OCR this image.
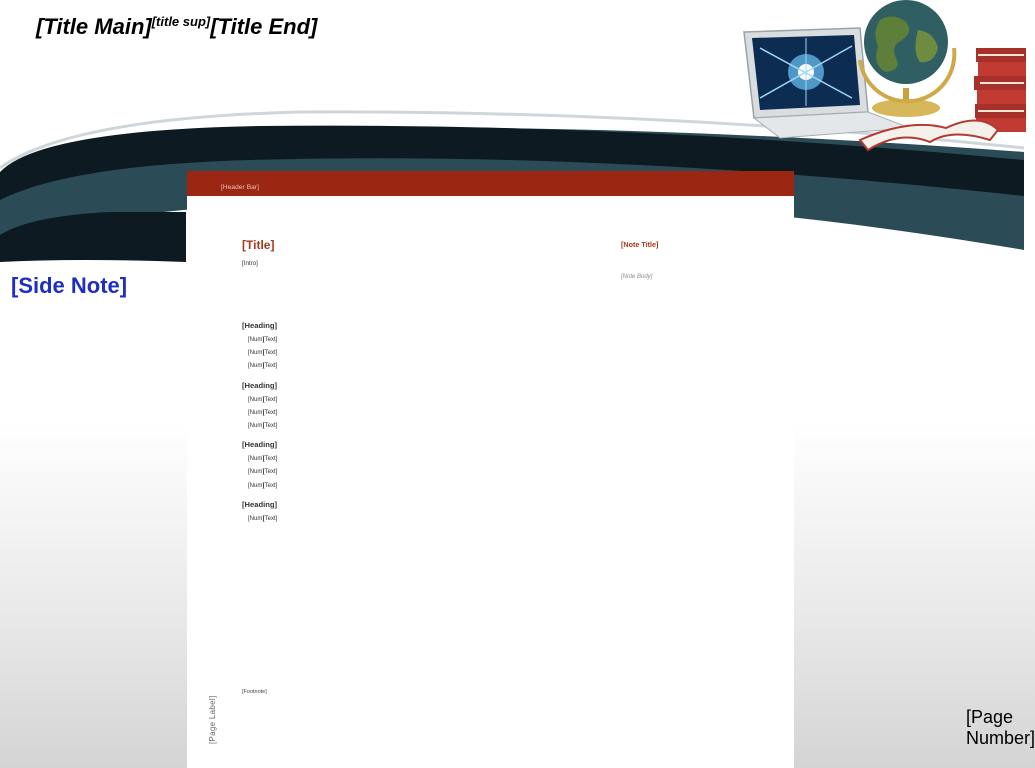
[Title Main][title sup][Title End]
[Side Note]
[Header Bar]
[Title]
[Intro]
[Heading]
[Num]
[Text]
[Num]
[Text]
[Num]
[Text]
[Heading]
[Num]
[Text]
[Num]
[Text]
[Num]
[Text]
[Heading]
[Num]
[Text]
[Num]
[Text]
[Num]
[Text]
[Heading]
[Num]
[Text]
[Note Title]
[Note Body]
[Footnote]
[Page Label]	[Page Number]
